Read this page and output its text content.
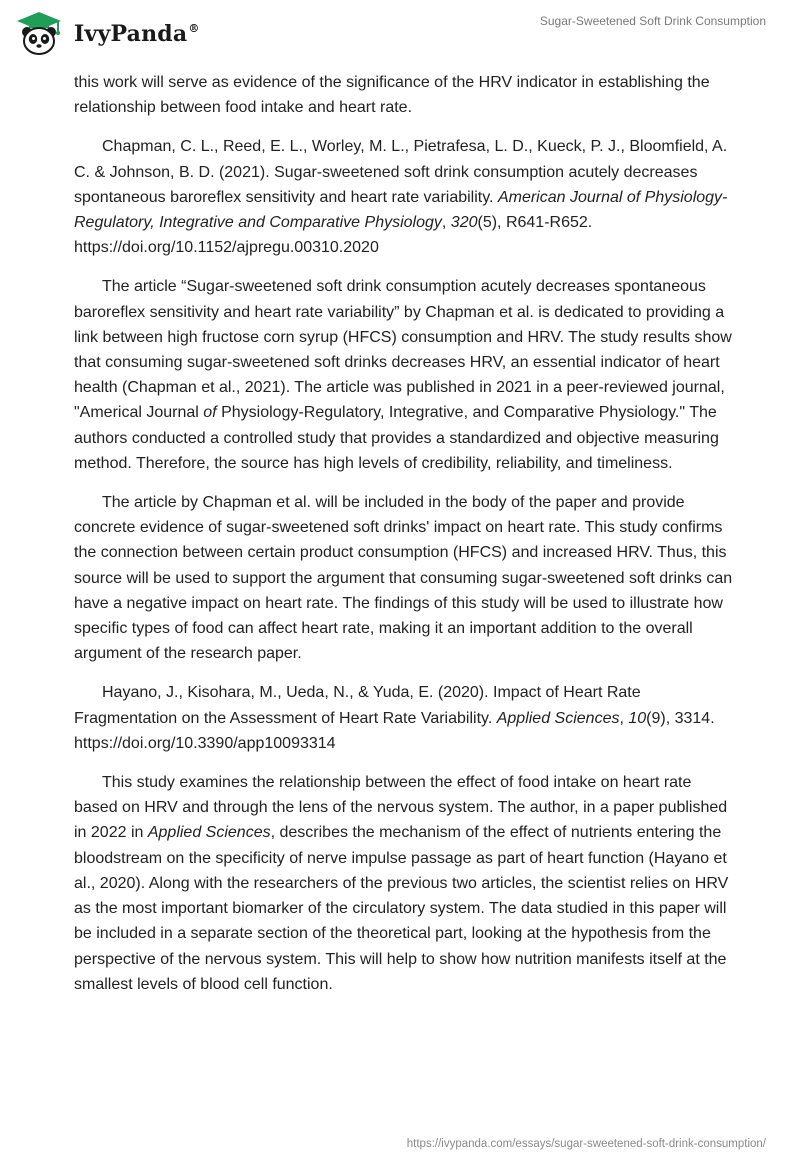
IvyPanda®
Sugar-Sweetened Soft Drink Consumption

this work will serve as evidence of the significance of the HRV indicator in establishing the relationship between food intake and heart rate.

Chapman, C. L., Reed, E. L., Worley, M. L., Pietrafesa, L. D., Kueck, P. J., Bloomfield, A. C. & Johnson, B. D. (2021). Sugar-sweetened soft drink consumption acutely decreases spontaneous baroreflex sensitivity and heart rate variability. American Journal of Physiology-Regulatory, Integrative and Comparative Physiology, 320(5), R641-R652. https://doi.org/10.1152/ajpregu.00310.2020

The article “Sugar-sweetened soft drink consumption acutely decreases spontaneous baroreflex sensitivity and heart rate variability” by Chapman et al. is dedicated to providing a link between high fructose corn syrup (HFCS) consumption and HRV. The study results show that consuming sugar-sweetened soft drinks decreases HRV, an essential indicator of heart health (Chapman et al., 2021). The article was published in 2021 in a peer-reviewed journal, "Americal Journal of Physiology-Regulatory, Integrative, and Comparative Physiology." The authors conducted a controlled study that provides a standardized and objective measuring method. Therefore, the source has high levels of credibility, reliability, and timeliness.

The article by Chapman et al. will be included in the body of the paper and provide concrete evidence of sugar-sweetened soft drinks' impact on heart rate. This study confirms the connection between certain product consumption (HFCS) and increased HRV. Thus, this source will be used to support the argument that consuming sugar-sweetened soft drinks can have a negative impact on heart rate. The findings of this study will be used to illustrate how specific types of food can affect heart rate, making it an important addition to the overall argument of the research paper.

Hayano, J., Kisohara, M., Ueda, N., & Yuda, E. (2020). Impact of Heart Rate Fragmentation on the Assessment of Heart Rate Variability. Applied Sciences, 10(9), 3314. https://doi.org/10.3390/app10093314

This study examines the relationship between the effect of food intake on heart rate based on HRV and through the lens of the nervous system. The author, in a paper published in 2022 in Applied Sciences, describes the mechanism of the effect of nutrients entering the bloodstream on the specificity of nerve impulse passage as part of heart function (Hayano et al., 2020). Along with the researchers of the previous two articles, the scientist relies on HRV as the most important biomarker of the circulatory system. The data studied in this paper will be included in a separate section of the theoretical part, looking at the hypothesis from the perspective of the nervous system. This will help to show how nutrition manifests itself at the smallest levels of blood cell function.

https://ivypanda.com/essays/sugar-sweetened-soft-drink-consumption/
